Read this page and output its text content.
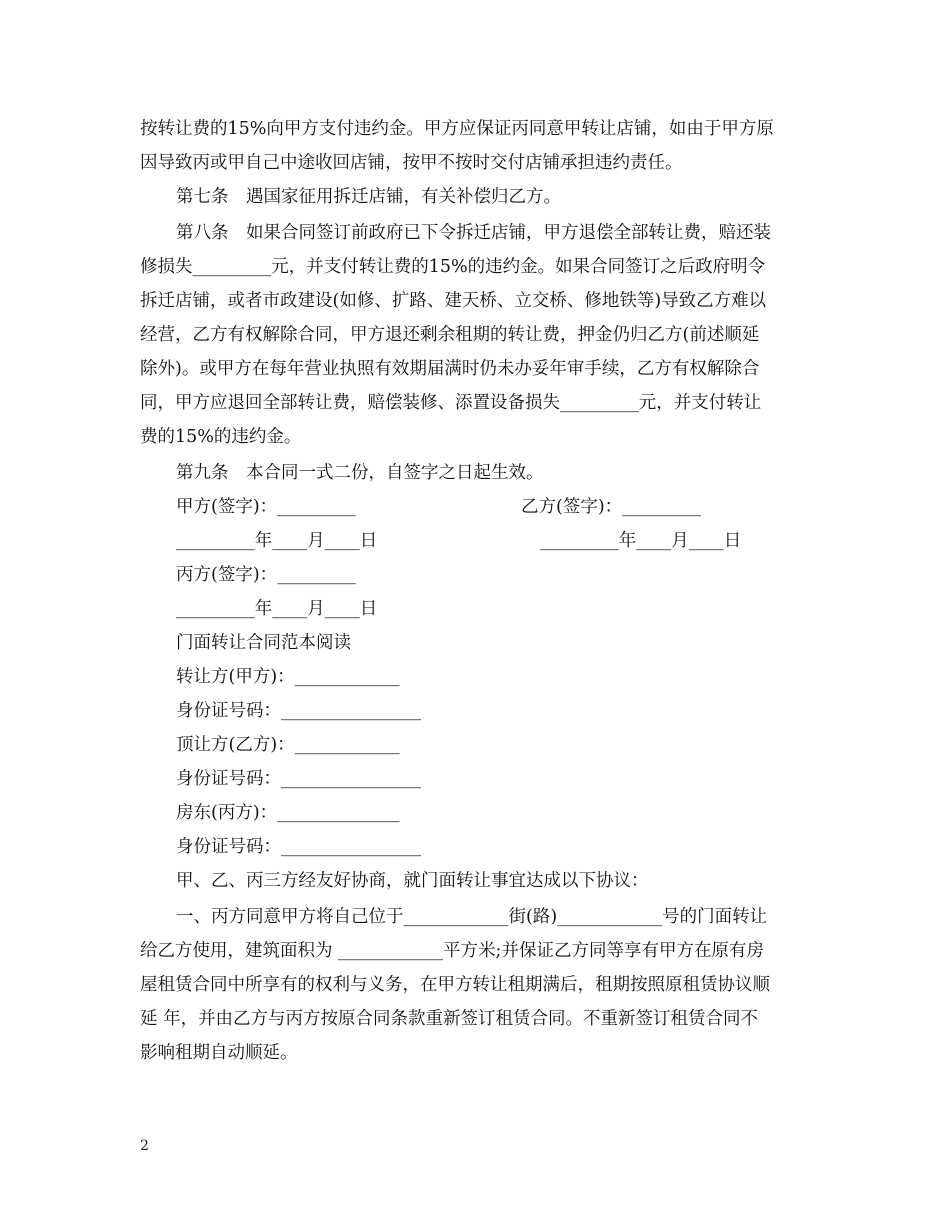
按转让费的15%向甲方支付违约金。甲方应保证丙同意甲转让店铺，如由于甲方原
因导致丙或甲自己中途收回店铺，按甲不按时交付店铺承担违约责任。
第七条　遇国家征用拆迁店铺，有关补偿归乙方。
第八条　如果合同签订前政府已下令拆迁店铺，甲方退偿全部转让费，赔还装
修损失_________元，并支付转让费的15%的违约金。如果合同签订之后政府明令
拆迁店铺，或者市政建设(如修、扩路、建天桥、立交桥、修地铁等)导致乙方难以
经营，乙方有权解除合同，甲方退还剩余租期的转让费，押金仍归乙方(前述顺延
除外)。或甲方在每年营业执照有效期届满时仍未办妥年审手续，乙方有权解除合
同，甲方应退回全部转让费，赔偿装修、添置设备损失_________元，并支付转让
费的15%的违约金。
第九条　本合同一式二份，自签字之日起生效。
甲方(签字)：_________	乙方(签字)：_________
_________年____月____日	_________年____月____日
丙方(签字)：_________
_________年____月____日
门面转让合同范本阅读
转让方(甲方)：____________
身份证号码：________________
顶让方(乙方)：____________
身份证号码：________________
房东(丙方)：______________
身份证号码：________________
甲、乙、丙三方经友好协商，就门面转让事宜达成以下协议：
一、丙方同意甲方将自己位于____________街(路)____________号的门面转让
给乙方使用，建筑面积为 ____________平方米;并保证乙方同等享有甲方在原有房
屋租赁合同中所享有的权利与义务，在甲方转让租期满后，租期按照原租赁协议顺
延 年，并由乙方与丙方按原合同条款重新签订租赁合同。不重新签订租赁合同不
影响租期自动顺延。
2
